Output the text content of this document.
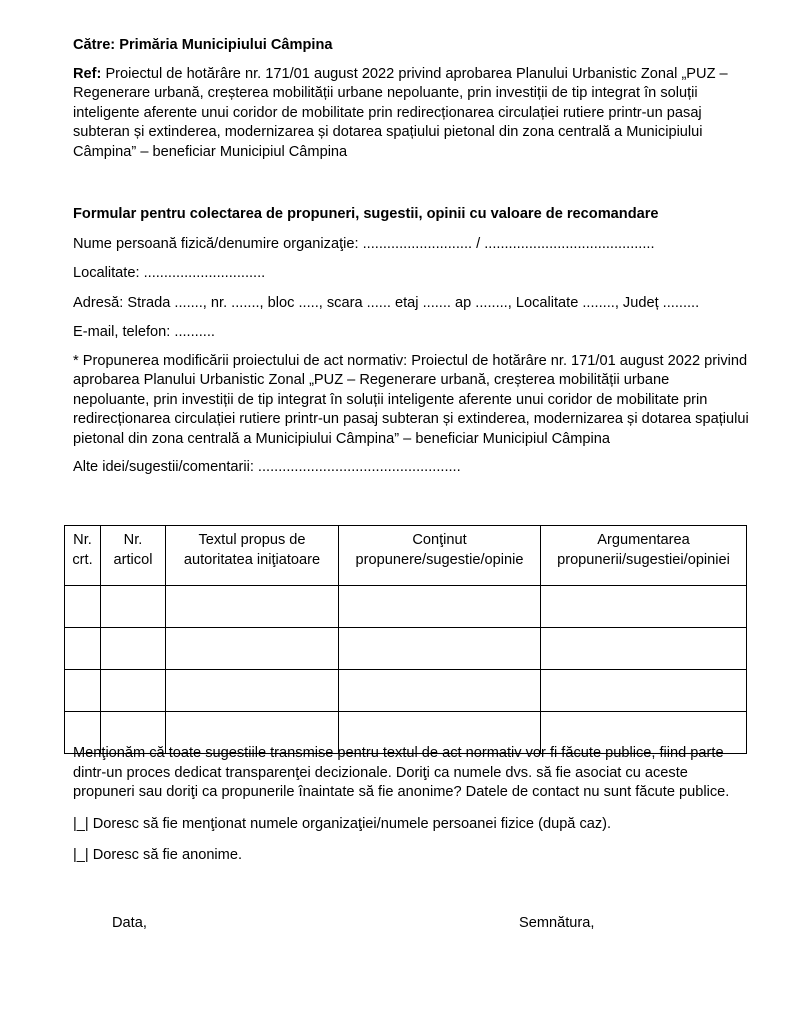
Către: Primăria Municipiului Câmpina

Ref: Proiectul de hotărâre nr. 171/01 august 2022 privind aprobarea Planului Urbanistic Zonal „PUZ – Regenerare urbană, creșterea mobilității urbane nepoluante, prin investiții de tip integrat în soluții inteligente aferente unui coridor de mobilitate prin redirecționarea circulației rutiere printr-un pasaj subteran și extinderea, modernizarea și dotarea spațiului pietonal din zona centrală a Municipiului Câmpina” – beneficiar Municipiul Câmpina

Formular pentru colectarea de propuneri, sugestii, opinii cu valoare de recomandare

Nume persoană fizică/denumire organizaţie: ........................... / ..........................................

Localitate: ..............................

Adresă: Strada ......., nr. ......., bloc ....., scara ...... etaj ....... ap ........, Localitate ........, Județ .........

E-mail, telefon: ..........

* Propunerea modificării proiectului de act normativ: Proiectul de hotărâre nr. 171/01 august 2022 privind aprobarea Planului Urbanistic Zonal „PUZ – Regenerare urbană, creșterea mobilității urbane nepoluante, prin investiții de tip integrat în soluții inteligente aferente unui coridor de mobilitate prin redirecționarea circulației rutiere printr-un pasaj subteran și extinderea, modernizarea și dotarea spațiului pietonal din zona centrală a Municipiului Câmpina” – beneficiar Municipiul Câmpina

Alte idei/sugestii/comentarii: ..................................................

Nr. crt.	Nr. articol	Textul propus de autoritatea iniţiatoare	Conţinut propunere/sugestie/opinie	Argumentarea propunerii/sugestiei/opiniei

Menţionăm că toate sugestiile transmise pentru textul de act normativ vor fi făcute publice, fiind parte dintr-un proces dedicat transparenţei decizionale. Doriţi ca numele dvs. să fie asociat cu aceste propuneri sau doriţi ca propunerile înaintate să fie anonime? Datele de contact nu sunt făcute publice.

|_| Doresc să fie menţionat numele organizaţiei/numele persoanei fizice (după caz).

|_| Doresc să fie anonime.

Data,	Semnătura,
